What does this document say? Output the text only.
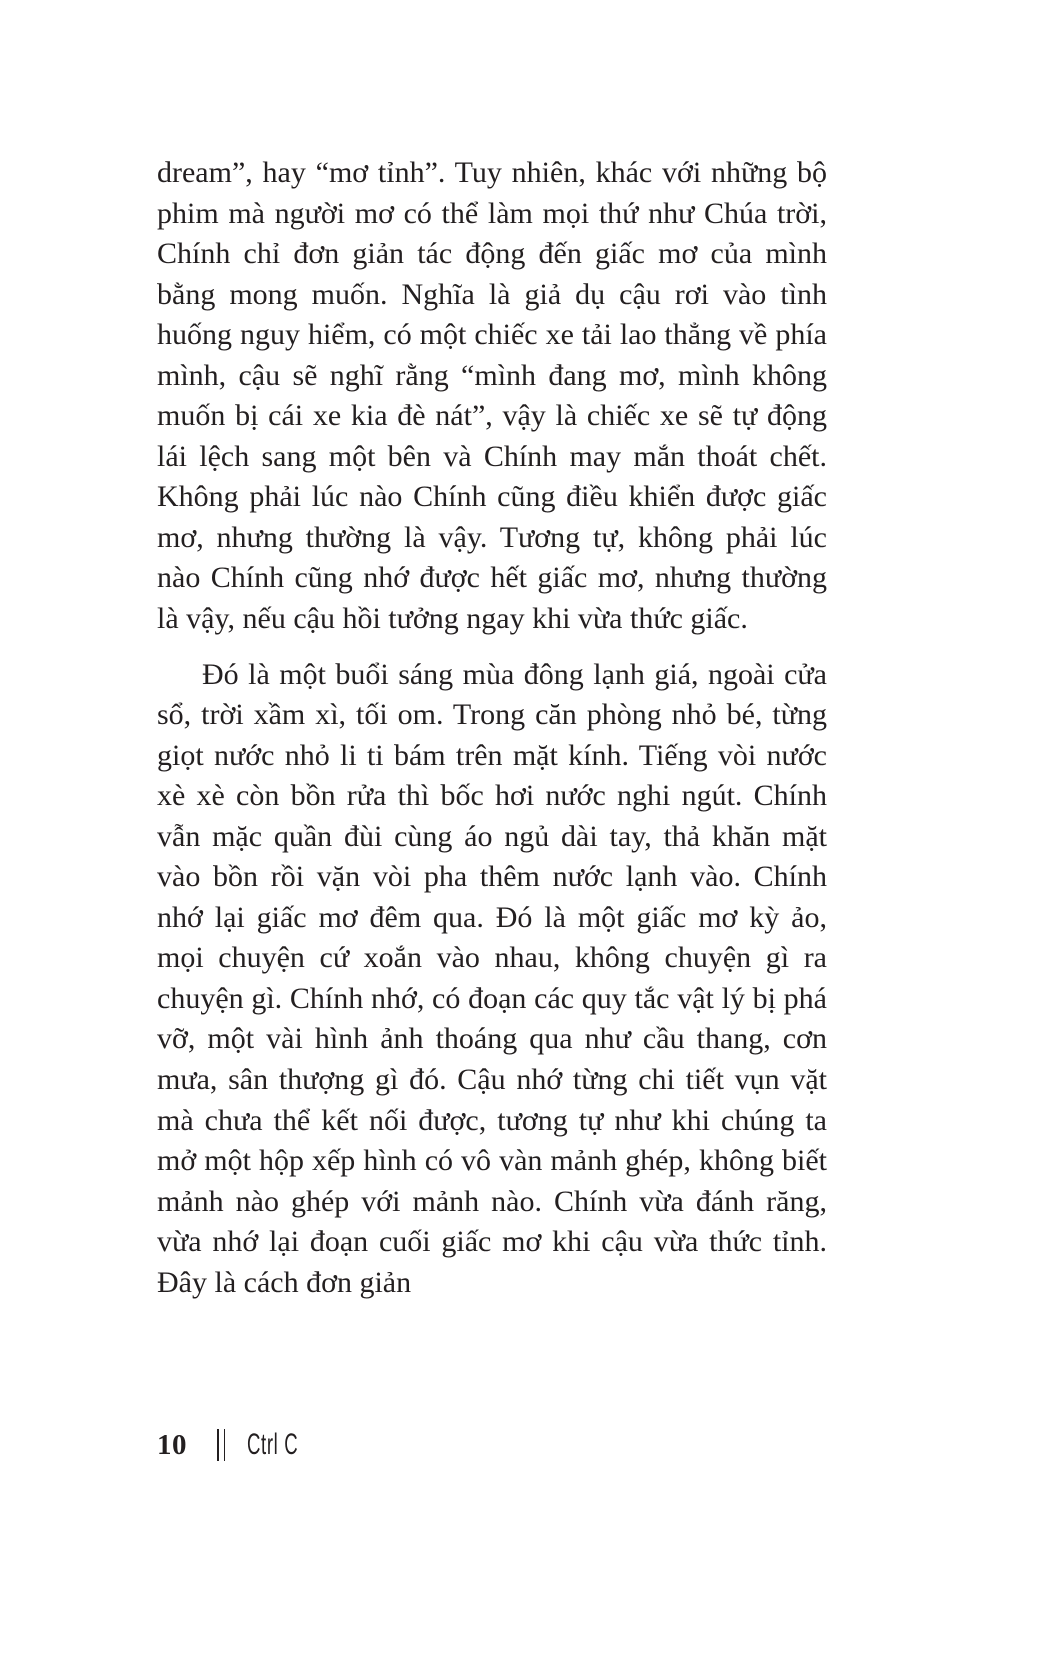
dream”, hay “mơ tỉnh”. Tuy nhiên, khác với những bộ phim mà người mơ có thể làm mọi thứ như Chúa trời, Chính chỉ đơn giản tác động đến giấc mơ của mình bằng mong muốn. Nghĩa là giả dụ cậu rơi vào tình huống nguy hiểm, có một chiếc xe tải lao thẳng về phía mình, cậu sẽ nghĩ rằng “mình đang mơ, mình không muốn bị cái xe kia đè nát”, vậy là chiếc xe sẽ tự động lái lệch sang một bên và Chính may mắn thoát chết. Không phải lúc nào Chính cũng điều khiển được giấc mơ, nhưng thường là vậy. Tương tự, không phải lúc nào Chính cũng nhớ được hết giấc mơ, nhưng thường là vậy, nếu cậu hồi tưởng ngay khi vừa thức giấc.

Đó là một buổi sáng mùa đông lạnh giá, ngoài cửa sổ, trời xầm xì, tối om. Trong căn phòng nhỏ bé, từng giọt nước nhỏ li ti bám trên mặt kính. Tiếng vòi nước xè xè còn bồn rửa thì bốc hơi nước nghi ngút. Chính vẫn mặc quần đùi cùng áo ngủ dài tay, thả khăn mặt vào bồn rồi vặn vòi pha thêm nước lạnh vào. Chính nhớ lại giấc mơ đêm qua. Đó là một giấc mơ kỳ ảo, mọi chuyện cứ xoắn vào nhau, không chuyện gì ra chuyện gì. Chính nhớ, có đoạn các quy tắc vật lý bị phá vỡ, một vài hình ảnh thoáng qua như cầu thang, cơn mưa, sân thượng gì đó. Cậu nhớ từng chi tiết vụn vặt mà chưa thể kết nối được, tương tự như khi chúng ta mở một hộp xếp hình có vô vàn mảnh ghép, không biết mảnh nào ghép với mảnh nào. Chính vừa đánh răng, vừa nhớ lại đoạn cuối giấc mơ khi cậu vừa thức tỉnh. Đây là cách đơn giản

10 Ctrl C
